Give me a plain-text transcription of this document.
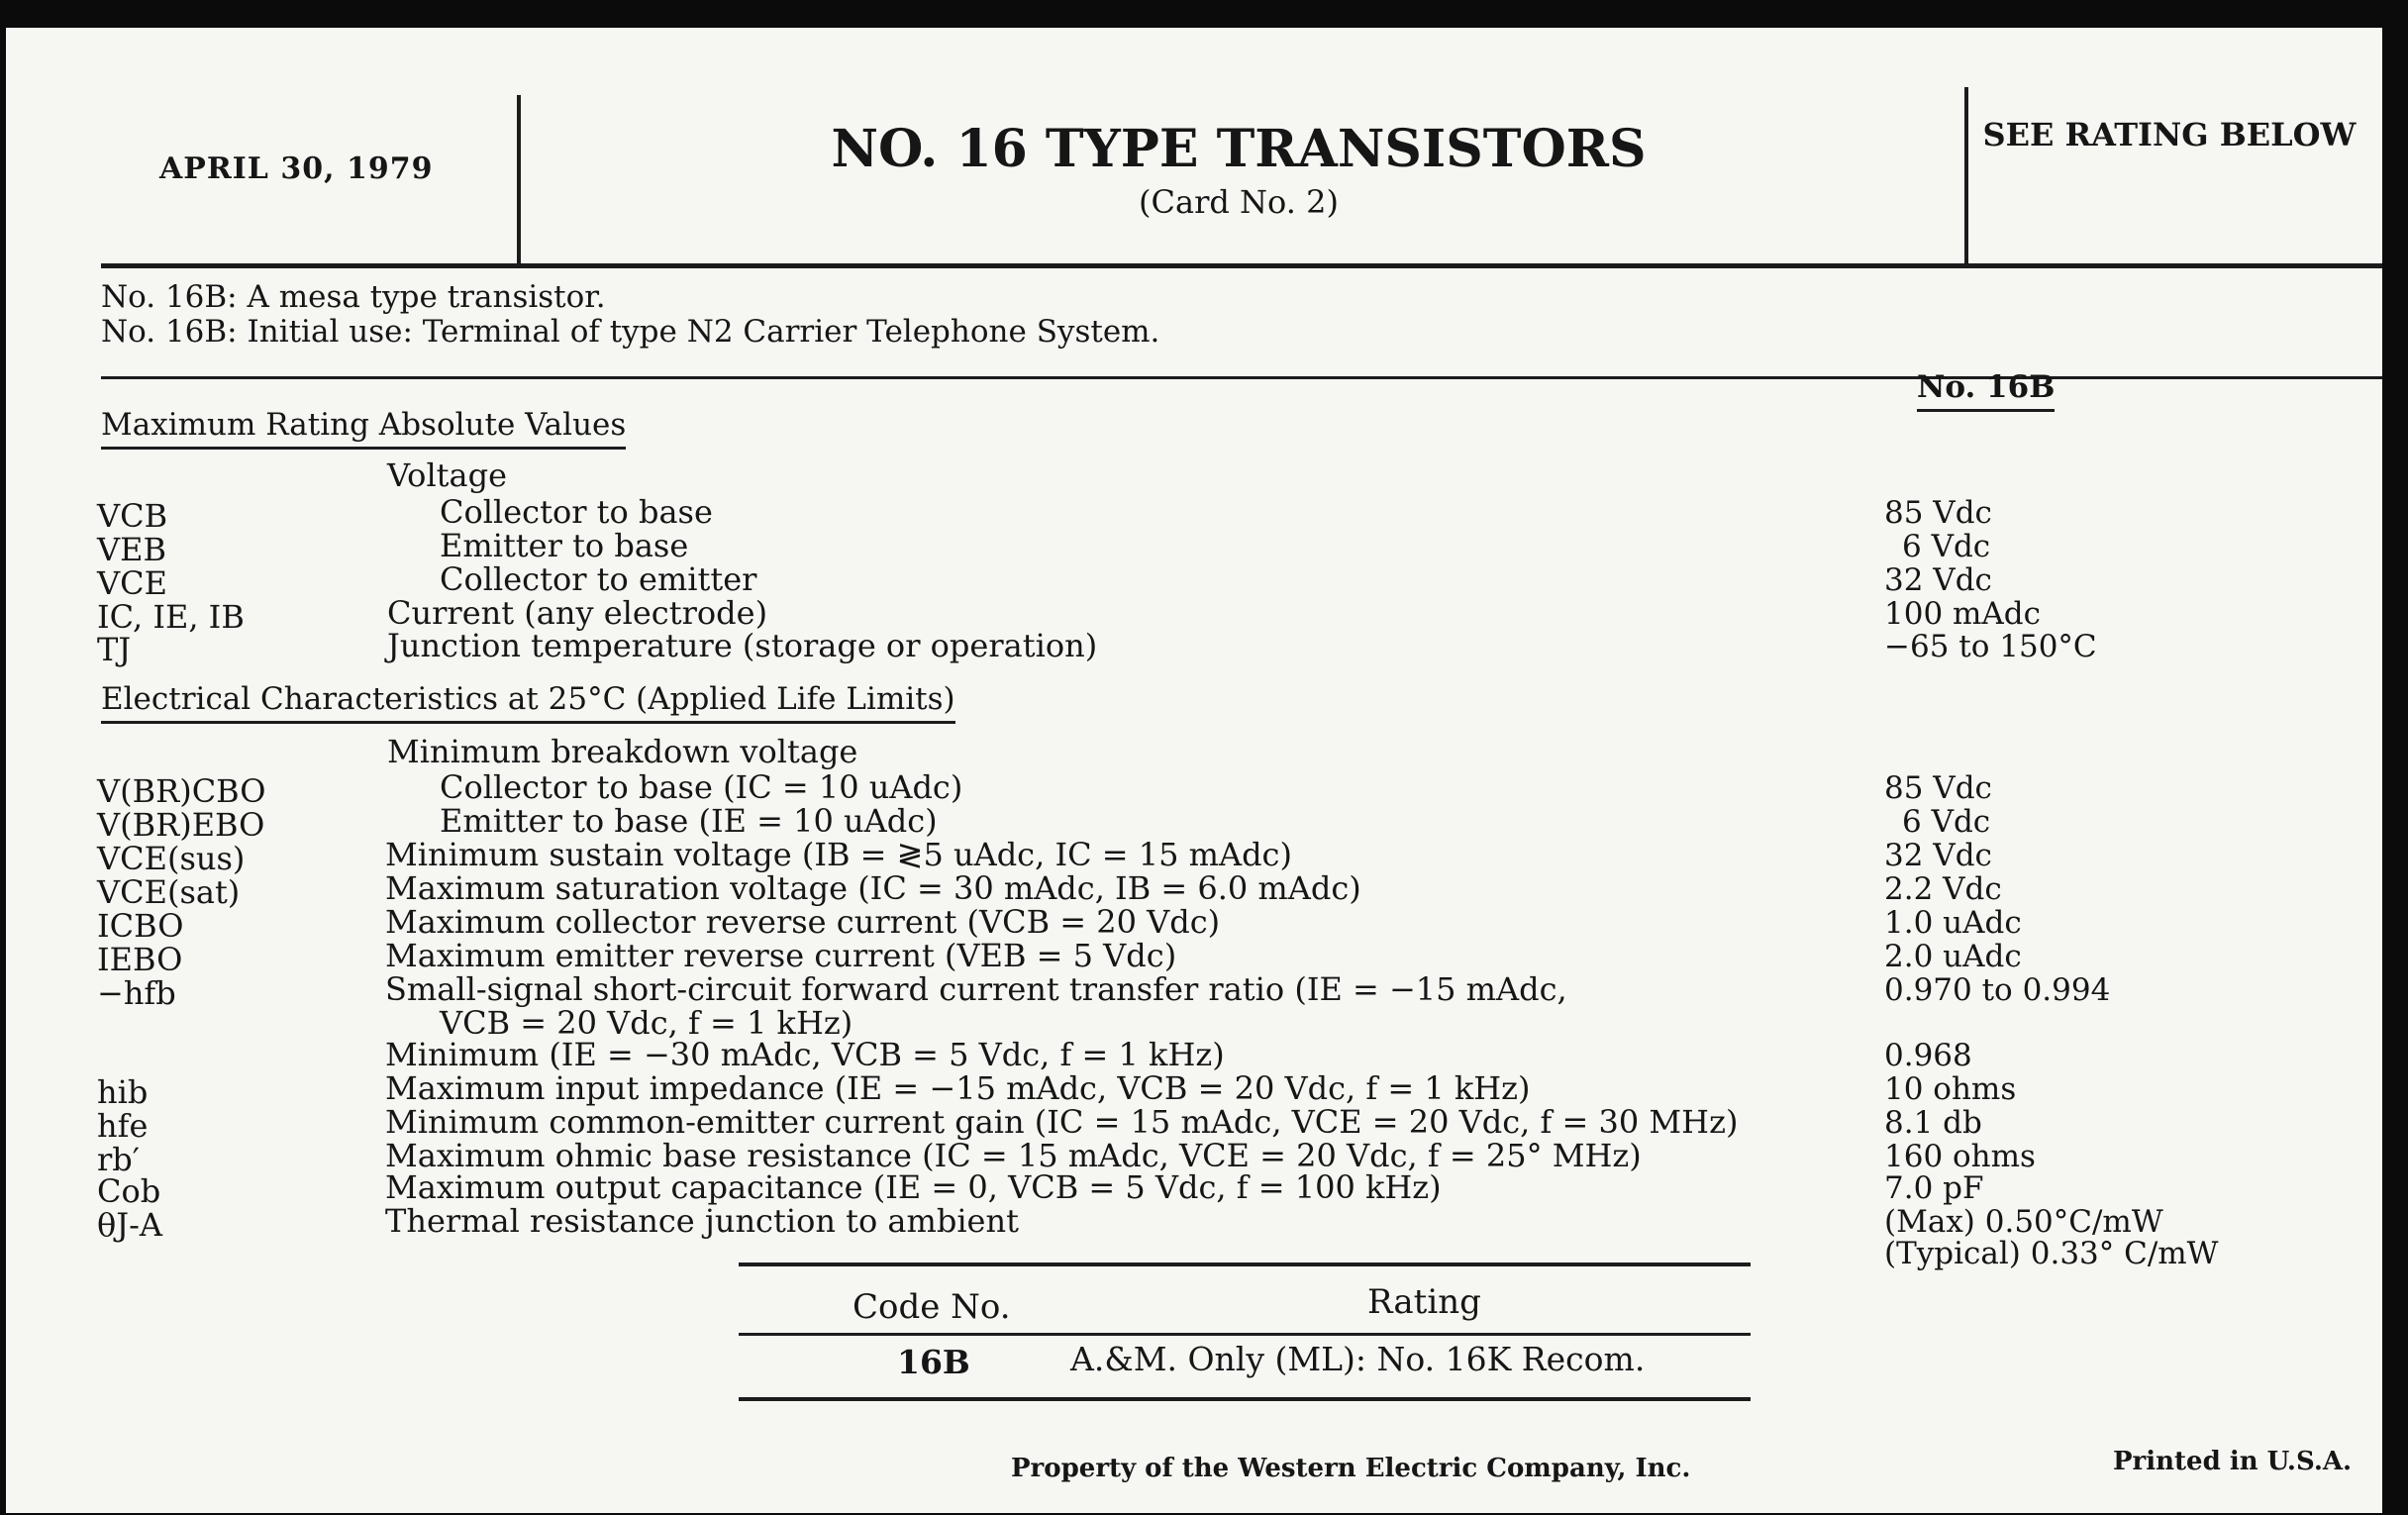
APRIL 30, 1979	NO. 16 TYPE TRANSISTORS
(Card No. 2)
SEE RATING BELOW
No. 16B: A mesa type transistor.
No. 16B: Initial use: Terminal of type N2 Carrier Telephone System.
No. 16B
Maximum Rating Absolute Values
Voltage
VCB	Collector to base	85 Vdc
VEB	Emitter to base	6 Vdc
VCE	Collector to emitter	32 Vdc
IC, IE, IB	Current (any electrode)	100 mAdc
TJ	Junction temperature (storage or operation)	−65 to 150°C
Electrical Characteristics at 25°C (Applied Life Limits)
Minimum breakdown voltage
V(BR)CBO	Collector to base (IC = 10 uAdc)	85 Vdc
V(BR)EBO	Emitter to base (IE = 10 uAdc)	6 Vdc
VCE(sus)	Minimum sustain voltage (IB = ≷5 uAdc, IC = 15 mAdc)	32 Vdc
VCE(sat)	Maximum saturation voltage (IC = 30 mAdc, IB = 6.0 mAdc)	2.2 Vdc
ICBO	Maximum collector reverse current (VCB = 20 Vdc)	1.0 uAdc
IEBO	Maximum emitter reverse current (VEB = 5 Vdc)	2.0 uAdc
−hfb	Small-signal short-circuit forward current transfer ratio (IE = −15 mAdc,	0.970 to 0.994
VCB = 20 Vdc, f = 1 kHz)
Minimum (IE = −30 mAdc, VCB = 5 Vdc, f = 1 kHz)	0.968
hib	Maximum input impedance (IE = −15 mAdc, VCB = 20 Vdc, f = 1 kHz)	10 ohms
hfe	Minimum common-emitter current gain (IC = 15 mAdc, VCE = 20 Vdc, f = 30 MHz)	8.1 db
rb′	Maximum ohmic base resistance (IC = 15 mAdc, VCE = 20 Vdc, f = 25° MHz)	160 ohms
Cob	Maximum output capacitance (IE = 0, VCB = 5 Vdc, f = 100 kHz)	7.0 pF
θJ-A	Thermal resistance junction to ambient	(Max) 0.50°C/mW
(Typical) 0.33° C/mW
Code No.	Rating
16B	A.&M. Only (ML): No. 16K Recom.
Property of the Western Electric Company, Inc.	Printed in U.S.A.
